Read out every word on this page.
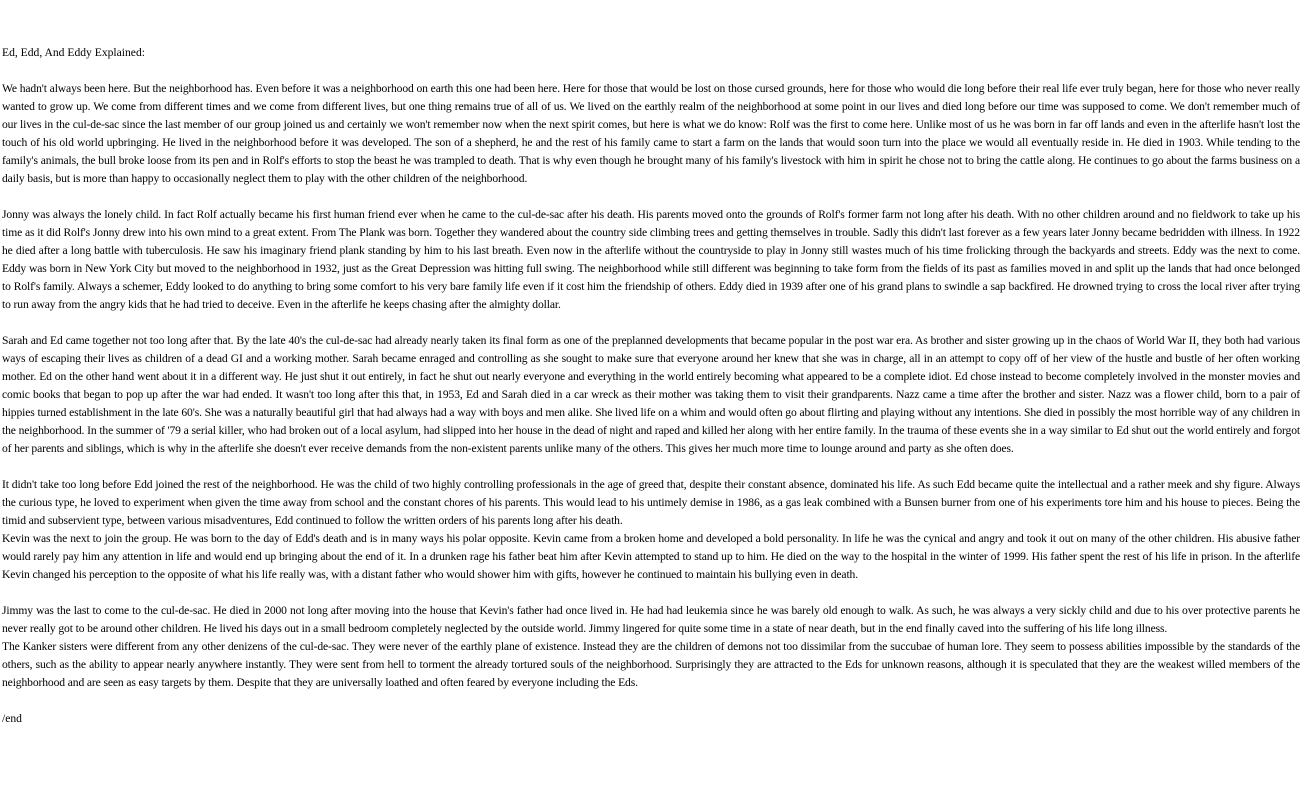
Ed, Edd, And Eddy Explained:

We hadn't always been here. But the neighborhood has. Even before it was a neighborhood on earth this one had been here. Here for those that would be lost on those cursed grounds, here for those who would die long before their real life ever truly began, here for those who never really wanted to grow up. We come from different times and we come from different lives, but one thing remains true of all of us. We lived on the earthly realm of the neighborhood at some point in our lives and died long before our time was supposed to come. We don't remember much of our lives in the cul-de-sac since the last member of our group joined us and certainly we won't remember now when the next spirit comes, but here is what we do know: Rolf was the first to come here. Unlike most of us he was born in far off lands and even in the afterlife hasn't lost the touch of his old world upbringing. He lived in the neighborhood before it was developed. The son of a shepherd, he and the rest of his family came to start a farm on the lands that would soon turn into the place we would all eventually reside in. He died in 1903. While tending to the family's animals, the bull broke loose from its pen and in Rolf's efforts to stop the beast he was trampled to death. That is why even though he brought many of his family's livestock with him in spirit he chose not to bring the cattle along. He continues to go about the farms business on a daily basis, but is more than happy to occasionally neglect them to play with the other children of the neighborhood.

Jonny was always the lonely child. In fact Rolf actually became his first human friend ever when he came to the cul-de-sac after his death. His parents moved onto the grounds of Rolf's former farm not long after his death. With no other children around and no fieldwork to take up his time as it did Rolf's Jonny drew into his own mind to a great extent. From The Plank was born. Together they wandered about the country side climbing trees and getting themselves in trouble. Sadly this didn't last forever as a few years later Jonny became bedridden with illness. In 1922 he died after a long battle with tuberculosis. He saw his imaginary friend plank standing by him to his last breath. Even now in the afterlife without the countryside to play in Jonny still wastes much of his time frolicking through the backyards and streets. Eddy was the next to come. Eddy was born in New York City but moved to the neighborhood in 1932, just as the Great Depression was hitting full swing. The neighborhood while still different was beginning to take form from the fields of its past as families moved in and split up the lands that had once belonged to Rolf's family. Always a schemer, Eddy looked to do anything to bring some comfort to his very bare family life even if it cost him the friendship of others. Eddy died in 1939 after one of his grand plans to swindle a sap backfired. He drowned trying to cross the local river after trying to run away from the angry kids that he had tried to deceive. Even in the afterlife he keeps chasing after the almighty dollar.

Sarah and Ed came together not too long after that. By the late 40's the cul-de-sac had already nearly taken its final form as one of the preplanned developments that became popular in the post war era. As brother and sister growing up in the chaos of World War II, they both had various ways of escaping their lives as children of a dead GI and a working mother. Sarah became enraged and controlling as she sought to make sure that everyone around her knew that she was in charge, all in an attempt to copy off of her view of the hustle and bustle of her often working mother. Ed on the other hand went about it in a different way. He just shut it out entirely, in fact he shut out nearly everyone and everything in the world entirely becoming what appeared to be a complete idiot. Ed chose instead to become completely involved in the monster movies and comic books that began to pop up after the war had ended. It wasn't too long after this that, in 1953, Ed and Sarah died in a car wreck as their mother was taking them to visit their grandparents. Nazz came a time after the brother and sister. Nazz was a flower child, born to a pair of hippies turned establishment in the late 60's. She was a naturally beautiful girl that had always had a way with boys and men alike. She lived life on a whim and would often go about flirting and playing without any intentions. She died in possibly the most horrible way of any children in the neighborhood. In the summer of '79 a serial killer, who had broken out of a local asylum, had slipped into her house in the dead of night and raped and killed her along with her entire family. In the trauma of these events she in a way similar to Ed shut out the world entirely and forgot of her parents and siblings, which is why in the afterlife she doesn't ever receive demands from the non-existent parents unlike many of the others. This gives her much more time to lounge around and party as she often does.

It didn't take too long before Edd joined the rest of the neighborhood. He was the child of two highly controlling professionals in the age of greed that, despite their constant absence, dominated his life. As such Edd became quite the intellectual and a rather meek and shy figure. Always the curious type, he loved to experiment when given the time away from school and the constant chores of his parents. This would lead to his untimely demise in 1986, as a gas leak combined with a Bunsen burner from one of his experiments tore him and his house to pieces. Being the timid and subservient type, between various misadventures, Edd continued to follow the written orders of his parents long after his death.

Kevin was the next to join the group. He was born to the day of Edd's death and is in many ways his polar opposite. Kevin came from a broken home and developed a bold personality. In life he was the cynical and angry and took it out on many of the other children. His abusive father would rarely pay him any attention in life and would end up bringing about the end of it. In a drunken rage his father beat him after Kevin attempted to stand up to him. He died on the way to the hospital in the winter of 1999. His father spent the rest of his life in prison. In the afterlife Kevin changed his perception to the opposite of what his life really was, with a distant father who would shower him with gifts, however he continued to maintain his bullying even in death.

Jimmy was the last to come to the cul-de-sac. He died in 2000 not long after moving into the house that Kevin's father had once lived in. He had had leukemia since he was barely old enough to walk. As such, he was always a very sickly child and due to his over protective parents he never really got to be around other children. He lived his days out in a small bedroom completely neglected by the outside world. Jimmy lingered for quite some time in a state of near death, but in the end finally caved into the suffering of his life long illness.

The Kanker sisters were different from any other denizens of the cul-de-sac. They were never of the earthly plane of existence. Instead they are the children of demons not too dissimilar from the succubae of human lore. They seem to possess abilities impossible by the standards of the others, such as the ability to appear nearly anywhere instantly. They were sent from hell to torment the already tortured souls of the neighborhood. Surprisingly they are attracted to the Eds for unknown reasons, although it is speculated that they are the weakest willed members of the neighborhood and are seen as easy targets by them. Despite that they are universally loathed and often feared by everyone including the Eds.

/end
